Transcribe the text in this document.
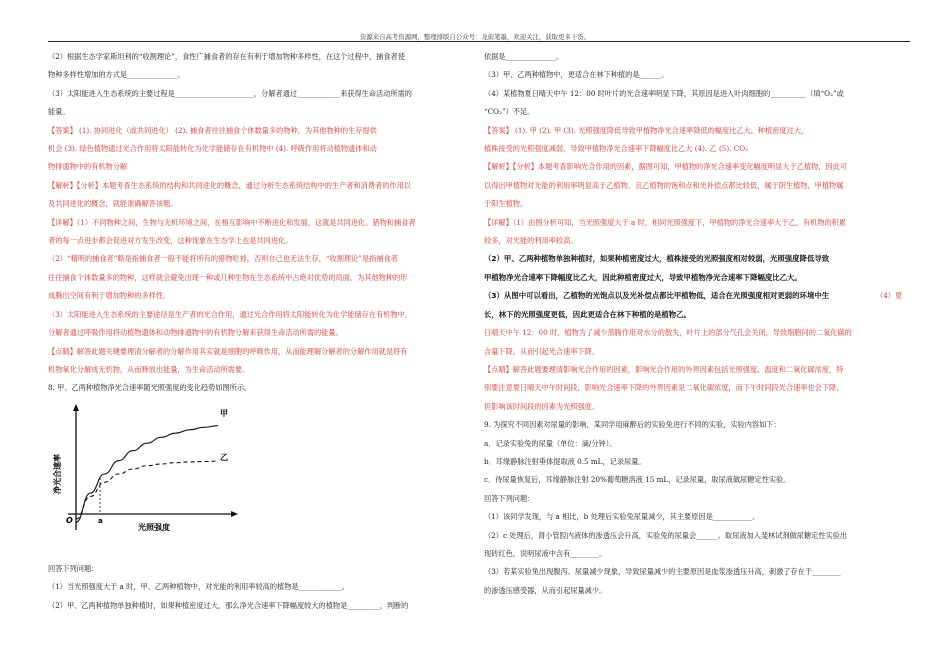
资源来自高考资源网，整理排版自公众号：龙街笔墨，欢迎关注，获取更多干货。
（2）根据生态学家斯坦利的“收割理论”，食性广捕食者的存在有利于增加物种多样性，在这个过程中，捕食者使
物种多样性增加的方式是______________。
（3）太阳能进入生态系统的主要过程是______________________，分解者通过____________来获得生命活动所需的
能量。
【答案】 (1). 协同进化（或共同进化） (2). 捕食者往往捕食个体数量多的物种，为其他物种的生存提供
机会 (3). 绿色植物通过光合作用将太阳能转化为化学能储存在有机物中 (4). 呼吸作用将动植物遗体和动
物排遗物中的有机物分解
【解析】【分析】本题考查生态系统的结构和共同进化的概念，通过分析生态系统结构中的生产者和消费者的作用以
及共同进化的概念，就能准确解答该题。
【详解】（1）不同物种之间，生物与无机环境之间，在相互影响中不断进化和发展，这就是共同进化。猎物和捕食者
者的每一点进步都会促进对方发生改变，这种现象在生态学上也是共同进化。
（2）“精明的捕食者”略是指捕食者一般不能将所有的猎物吃掉，否则自己也无法生存，“收割理论”是指捕食者
往往捕食个体数量多的物种，这样就会避免出现一种或几种生物在生态系统中占绝对优势的局面，为其他物种的形
成腾出空间有利于增加物种的多样性。
（3）太阳能进入生态系统的主要途径是生产者的光合作用，通过光合作用将太阳能转化为化学能储存在有机物中，
分解者通过呼吸作用将动植物遗体和动物排遗物中的有机物分解来获得生命活动所需的能量。
【点睛】解答此题关键要理清分解者的分解作用其实就是细胞的呼吸作用，从而能理解分解者的分解作用就是将有
机物氧化分解成无机物，从而释放出能量，为生命活动所需要。
8. 甲、乙两种植物净光合速率随光照强度的变化趋势如图所示。
净光合速率
光照强度
O	a
甲
乙
回答下列问题：
（1）当光照强度大于 a 时，甲、乙两种植物中，对光能的利用率较高的植物是____________。
（2）甲、乙两种植物单独种植时，如果种植密度过大，那么净光合速率下降幅度较大的植物是_________，判断的
依据是______________。
（3）甲、乙两种植物中，更适合在林下种植的是______。
（4）某植物夏日晴天中午 12：00 时叶片的光合速率明显下降，其原因是进入叶肉细胞的__________（填“O₂”或
“CO₂”）不足。
【答案】 (1). 甲 (2). 甲 (3). 光照强度降低导致甲植物净光合速率降低的幅度比乙大，种植密度过大，
植株接受的光照强度减弱，导致甲植物净光合速率下降幅度比乙大 (4). 乙 (5). CO₂
【解析】【分析】本题考查影响光合作用的因素，据图可知，甲植物的净光合速率变化幅度明显大于乙植物，因此可
以得出甲植物对光能的利用率明显高于乙植物。且乙植物的饱和点和光补偿点都比较低，属于阴生植物，甲植物属
于阳生植物。
【详解】（1）由图分析可知，当光照强度大于 a 时，相同光照强度下，甲植物的净光合速率大于乙，有机物的积累
较多，对光能的利用率较高。
（2）甲、乙两种植物单独种植时，如果种植密度过大，植株接受的光照强度相对较弱，光照强度降低导致
甲植物净光合速率下降幅度比乙大，因此种植密度过大，导致甲植物净光合速率下降幅度比乙大。
（3）从图中可以看出，乙植物的光饱点以及光补偿点都比甲植物低，适合在光照强度相对更弱的环境中生
长，林下的光照强度更低，因此更适合在林下种植的是植物乙。
日晴天中午 12：00 时，植物为了减少蒸腾作用对水分的散失，叶片上的部分气孔会关闭，导致细胞间的二氧化碳的
含量下降，从而引起光合速率下降。
【点睛】解答此题要理清影响光合作用的因素，影响光合作用的外界因素包括光照强度、温度和二氧化碳浓度，特
别要注意夏日晴天中午时间段，影响光合速率下降的外界因素是二氧化碳浓度，而下午时间段光合速率也会下降，
但影响该时间段的因素为光照强度。
9. 为探究不同因素对尿量的影响，某同学用麻醉后的实验兔进行不同的实验，实验内容如下：
a．记录实验兔的尿量（单位：滴/分钟）。
b．耳缘静脉注射垂体提取液 0.5 mL，记录尿量。
c．待尿量恢复后，耳缘静脉注射 20%葡萄糖溶液 15 mL，记录尿量，取尿液做尿糖定性实验。
回答下列问题：
（1）该同学发现，与 a 相比，b 处理后实验兔尿量减少，其主要原因是___________。
（2）c 处理后，肾小管腔内液体的渗透压会升高，实验兔的尿量会______。取尿液加入斐林试剂做尿糖定性实验出
现砖红色，说明尿液中含有________。
（3）若某实验兔出现腹泻、尿量减少现象，导致尿量减少的主要原因是血浆渗透压升高，刺激了存在于________
的渗透压感受器，从而引起尿量减少。
（4）夏
